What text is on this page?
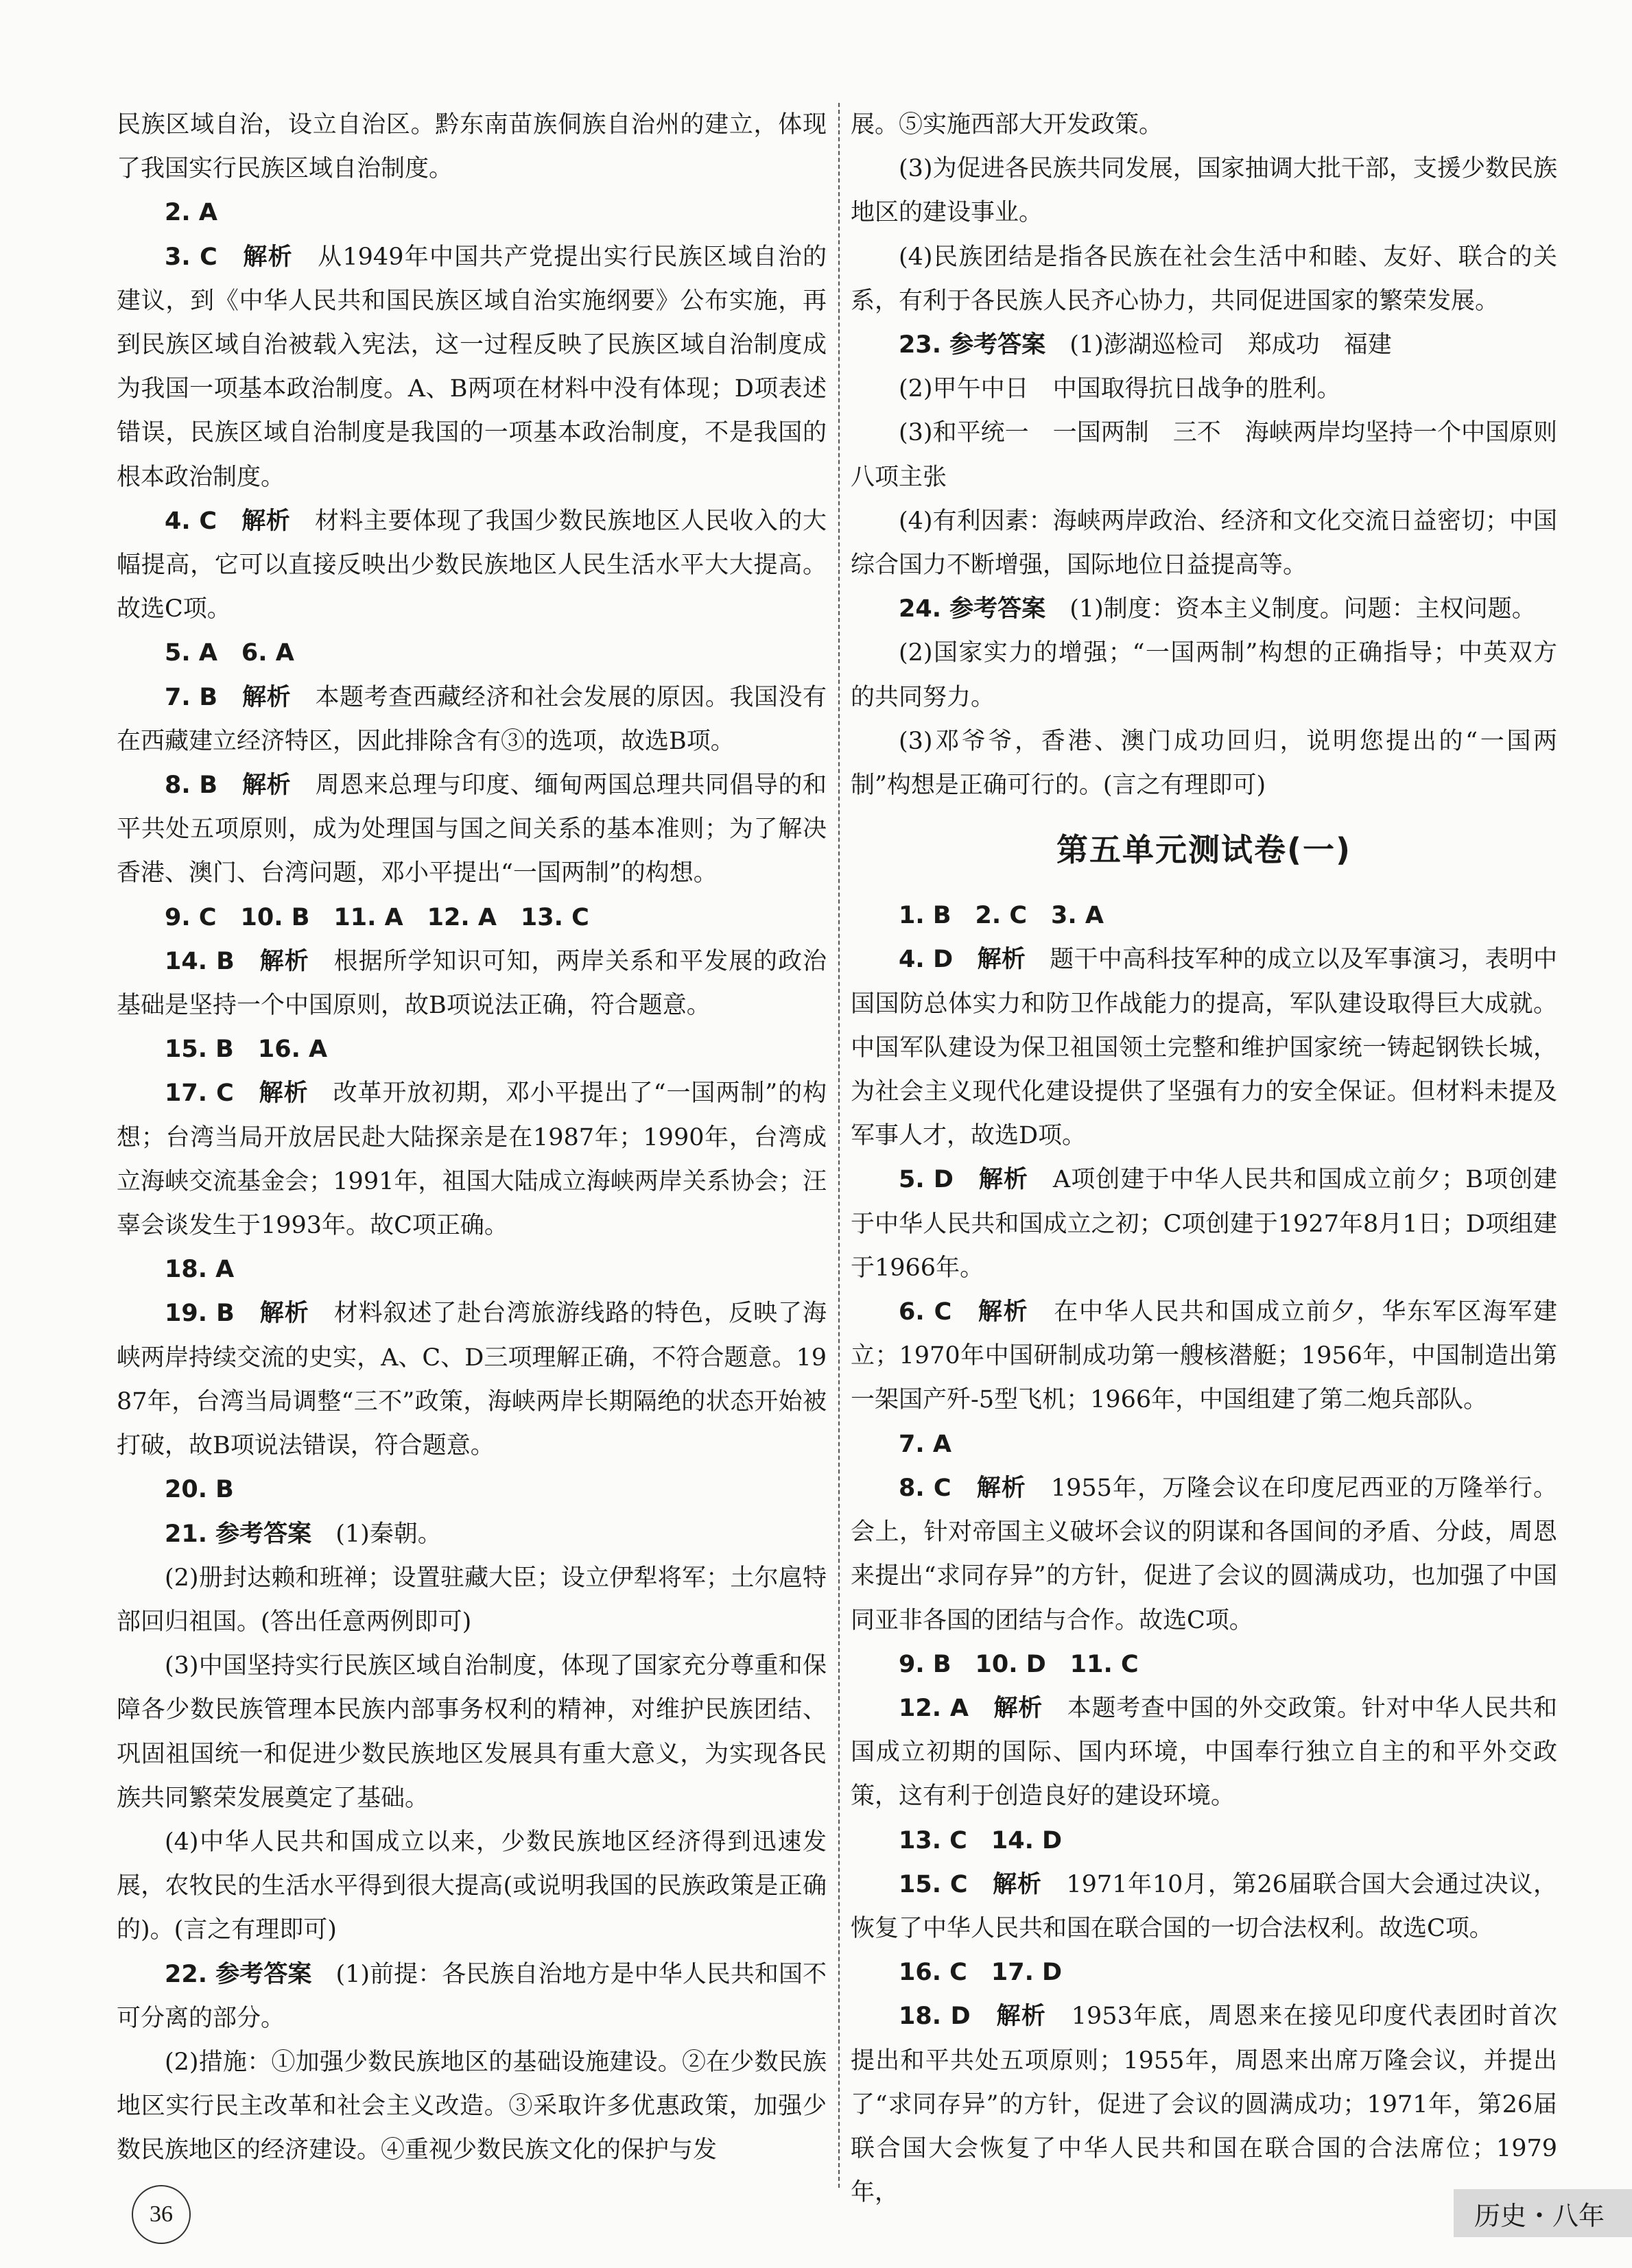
民族区域自治，设立自治区。黔东南苗族侗族自治州的建立，体现了我国实行民族区域自治制度。

2. A

3. C　解析　从1949年中国共产党提出实行民族区域自治的建议，到《中华人民共和国民族区域自治实施纲要》公布实施，再到民族区域自治被载入宪法，这一过程反映了民族区域自治制度成为我国一项基本政治制度。A、B两项在材料中没有体现；D项表述错误，民族区域自治制度是我国的一项基本政治制度，不是我国的根本政治制度。

4. C　解析　材料主要体现了我国少数民族地区人民收入的大幅提高，它可以直接反映出少数民族地区人民生活水平大大提高。故选C项。

5. A　6. A

7. B　解析　本题考查西藏经济和社会发展的原因。我国没有在西藏建立经济特区，因此排除含有③的选项，故选B项。

8. B　解析　周恩来总理与印度、缅甸两国总理共同倡导的和平共处五项原则，成为处理国与国之间关系的基本准则；为了解决香港、澳门、台湾问题，邓小平提出“一国两制”的构想。

9. C　10. B　11. A　12. A　13. C

14. B　解析　根据所学知识可知，两岸关系和平发展的政治基础是坚持一个中国原则，故B项说法正确，符合题意。

15. B　16. A

17. C　解析　改革开放初期，邓小平提出了“一国两制”的构想；台湾当局开放居民赴大陆探亲是在1987年；1990年，台湾成立海峡交流基金会；1991年，祖国大陆成立海峡两岸关系协会；汪辜会谈发生于1993年。故C项正确。

18. A

19. B　解析　材料叙述了赴台湾旅游线路的特色，反映了海峡两岸持续交流的史实，A、C、D三项理解正确，不符合题意。1987年，台湾当局调整“三不”政策，海峡两岸长期隔绝的状态开始被打破，故B项说法错误，符合题意。

20. B

21. 参考答案　(1)秦朝。

(2)册封达赖和班禅；设置驻藏大臣；设立伊犁将军；土尔扈特部回归祖国。(答出任意两例即可)

(3)中国坚持实行民族区域自治制度，体现了国家充分尊重和保障各少数民族管理本民族内部事务权利的精神，对维护民族团结、巩固祖国统一和促进少数民族地区发展具有重大意义，为实现各民族共同繁荣发展奠定了基础。

(4)中华人民共和国成立以来，少数民族地区经济得到迅速发展，农牧民的生活水平得到很大提高(或说明我国的民族政策是正确的)。(言之有理即可)

22. 参考答案　(1)前提：各民族自治地方是中华人民共和国不可分离的部分。

(2)措施：①加强少数民族地区的基础设施建设。②在少数民族地区实行民主改革和社会主义改造。③采取许多优惠政策，加强少数民族地区的经济建设。④重视少数民族文化的保护与发

展。⑤实施西部大开发政策。

(3)为促进各民族共同发展，国家抽调大批干部，支援少数民族地区的建设事业。

(4)民族团结是指各民族在社会生活中和睦、友好、联合的关系，有利于各民族人民齐心协力，共同促进国家的繁荣发展。

23. 参考答案　(1)澎湖巡检司　郑成功　福建

(2)甲午中日　中国取得抗日战争的胜利。

(3)和平统一　一国两制　三不　海峡两岸均坚持一个中国原则　八项主张

(4)有利因素：海峡两岸政治、经济和文化交流日益密切；中国综合国力不断增强，国际地位日益提高等。

24. 参考答案　(1)制度：资本主义制度。问题：主权问题。

(2)国家实力的增强；“一国两制”构想的正确指导；中英双方的共同努力。

(3)邓爷爷，香港、澳门成功回归，说明您提出的“一国两制”构想是正确可行的。(言之有理即可)

第五单元测试卷(一)

1. B　2. C　3. A

4. D　解析　题干中高科技军种的成立以及军事演习，表明中国国防总体实力和防卫作战能力的提高，军队建设取得巨大成就。中国军队建设为保卫祖国领土完整和维护国家统一铸起钢铁长城，为社会主义现代化建设提供了坚强有力的安全保证。但材料未提及军事人才，故选D项。

5. D　解析　A项创建于中华人民共和国成立前夕；B项创建于中华人民共和国成立之初；C项创建于1927年8月1日；D项组建于1966年。

6. C　解析　在中华人民共和国成立前夕，华东军区海军建立；1970年中国研制成功第一艘核潜艇；1956年，中国制造出第一架国产歼-5型飞机；1966年，中国组建了第二炮兵部队。

7. A

8. C　解析　1955年，万隆会议在印度尼西亚的万隆举行。会上，针对帝国主义破坏会议的阴谋和各国间的矛盾、分歧，周恩来提出“求同存异”的方针，促进了会议的圆满成功，也加强了中国同亚非各国的团结与合作。故选C项。

9. B　10. D　11. C

12. A　解析　本题考查中国的外交政策。针对中华人民共和国成立初期的国际、国内环境，中国奉行独立自主的和平外交政策，这有利于创造良好的建设环境。

13. C　14. D

15. C　解析　1971年10月，第26届联合国大会通过决议，恢复了中华人民共和国在联合国的一切合法权利。故选C项。

16. C　17. D

18. D　解析　1953年底，周恩来在接见印度代表团时首次提出和平共处五项原则；1955年，周恩来出席万隆会议，并提出了“求同存异”的方针，促进了会议的圆满成功；1971年，第26届联合国大会恢复了中华人民共和国在联合国的合法席位；1979年，

36	历史・八年
